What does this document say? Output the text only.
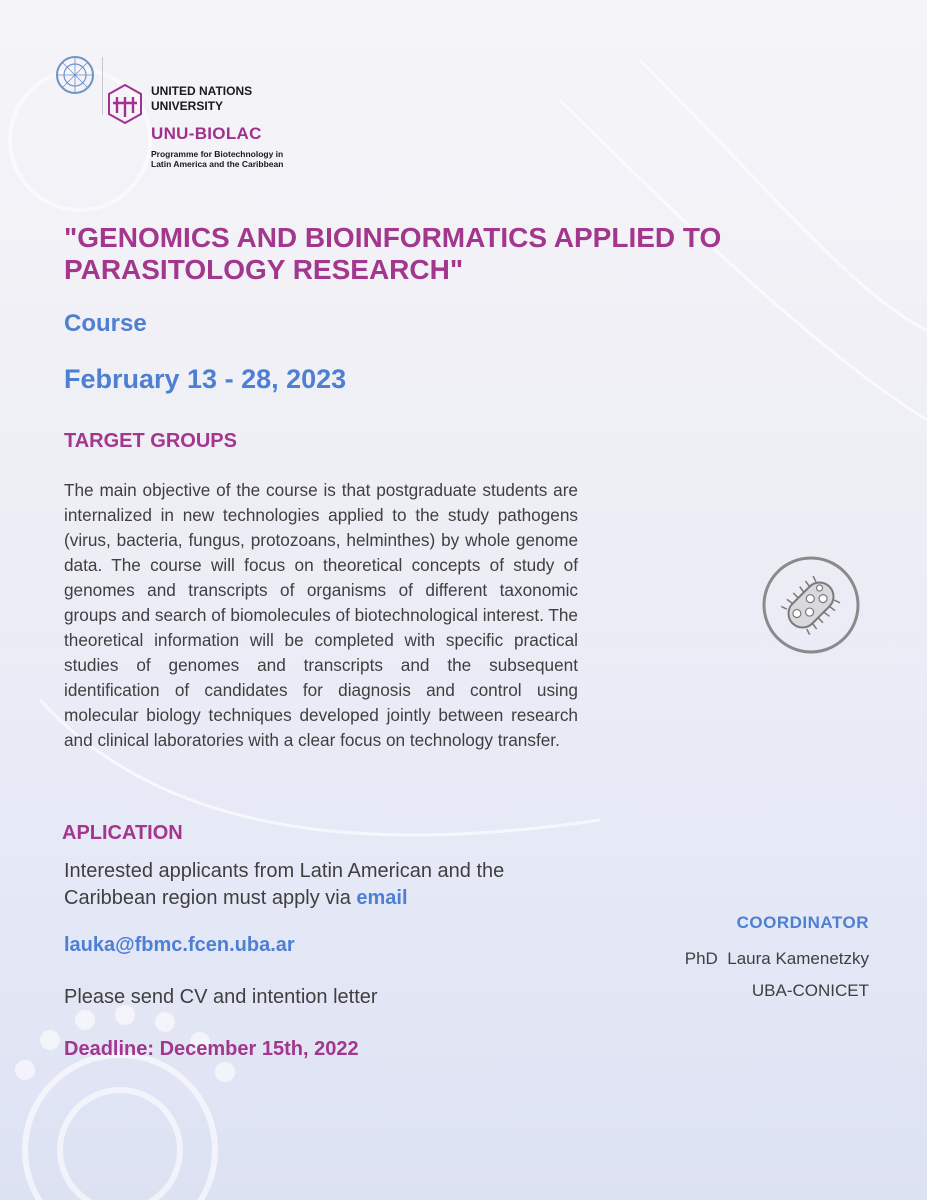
UNITED NATIONS UNIVERSITY
UNU-BIOLAC
Programme for Biotechnology in Latin America and the Caribbean
"GENOMICS AND BIOINFORMATICS APPLIED TO PARASITOLOGY RESEARCH"
Course
February 13 - 28, 2023
TARGET GROUPS
The main objective of the course is that postgraduate students are internalized in new technologies applied to the study pathogens (virus, bacteria, fungus, protozoans, helminthes) by whole genome data. The course will focus on theoretical concepts of study of genomes and transcripts of organisms of different taxonomic groups and search of biomolecules of biotechnological interest. The theoretical information will be completed with specific practical studies of genomes and transcripts and the subsequent identification of candidates for diagnosis and control using molecular biology techniques developed jointly between research and clinical laboratories with a clear focus on technology transfer.
APLICATION
Interested applicants from Latin American and the Caribbean region must apply via email
lauka@fbmc.fcen.uba.ar
Please send CV and intention letter
Deadline: December 15th, 2022
COORDINATOR
PhD  Laura Kamenetzky
UBA-CONICET
